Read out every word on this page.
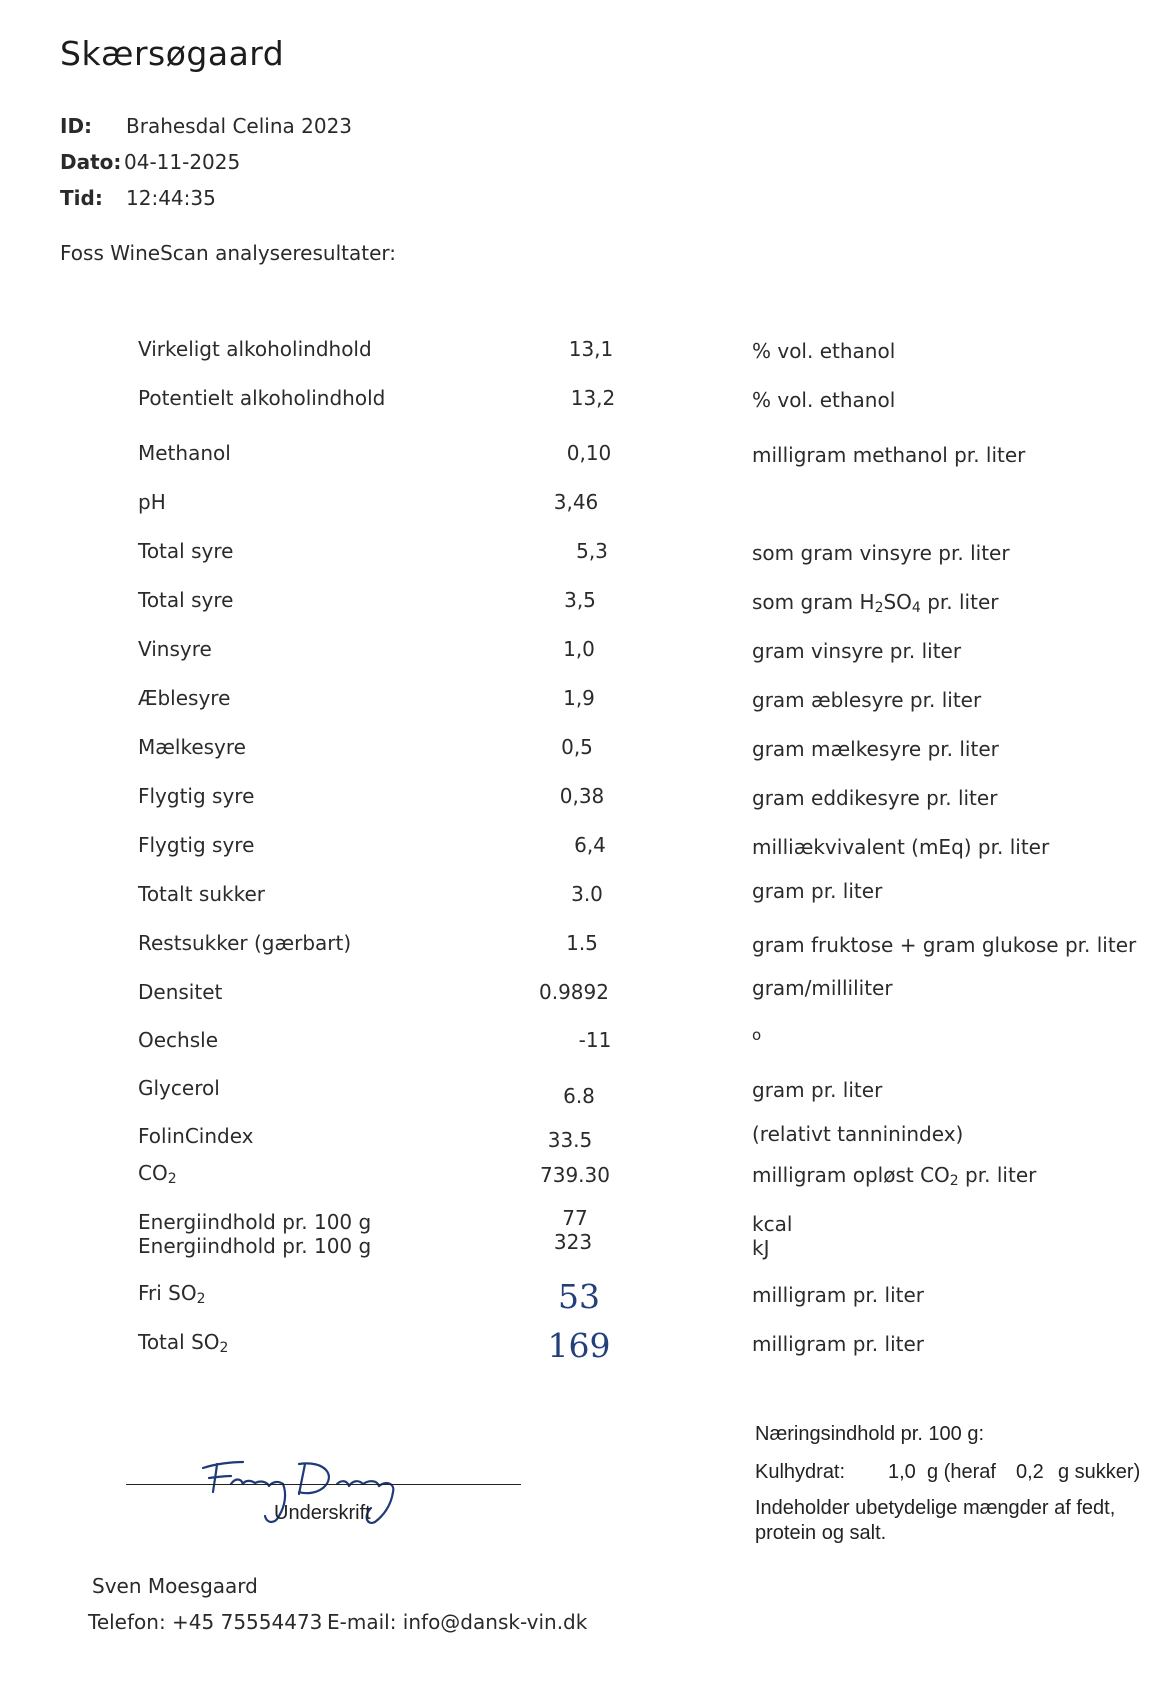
Skærsøgaard
ID: Brahesdal Celina 2023
Dato: 04-11-2025
Tid: 12:44:35
Foss WineScan analyseresultater:
Virkeligt alkoholindhold	13,1	% vol. ethanol
Potentielt alkoholindhold	13,2	% vol. ethanol
Methanol	0,10	milligram methanol pr. liter
pH	3,46
Total syre	5,3	som gram vinsyre pr. liter
Total syre	3,5	som gram $H_2SO_4$ pr. liter
Vinsyre	1,0	gram vinsyre pr. liter
Æblesyre	1,9	gram æblesyre pr. liter
Mælkesyre	0,5	gram mælkesyre pr. liter
Flygtig syre	0,38	gram eddikesyre pr. liter
Flygtig syre	6,4	milliækvivalent (mEq) pr. liter
Totalt sukker	3.0	gram pr. liter
Restsukker (gærbart)	1.5	gram fruktose + gram glukose pr. liter
Densitet	0.9892	gram/milliliter
Oechsle	-11	o
Glycerol	6.8	gram pr. liter
FolinCindex	33.5	(relativt tanninindex)
$CO_2$	739.30	milligram opløst $CO_2$ pr. liter
Energiindhold pr. 100 g	77	kcal
Energiindhold pr. 100 g	323	kJ
Fri $SO_2$	53	milligram pr. liter
Total $SO_2$	169	milligram pr. liter
Næringsindhold pr. 100 g:
Kulhydrat: 1,0 g (heraf 0,2 g sukker)
Indeholder ubetydelige mængder af fedt,
protein og salt.
Underskrift
Sven Moesgaard
Telefon: +45 75554473 E-mail: info@dansk-vin.dk
